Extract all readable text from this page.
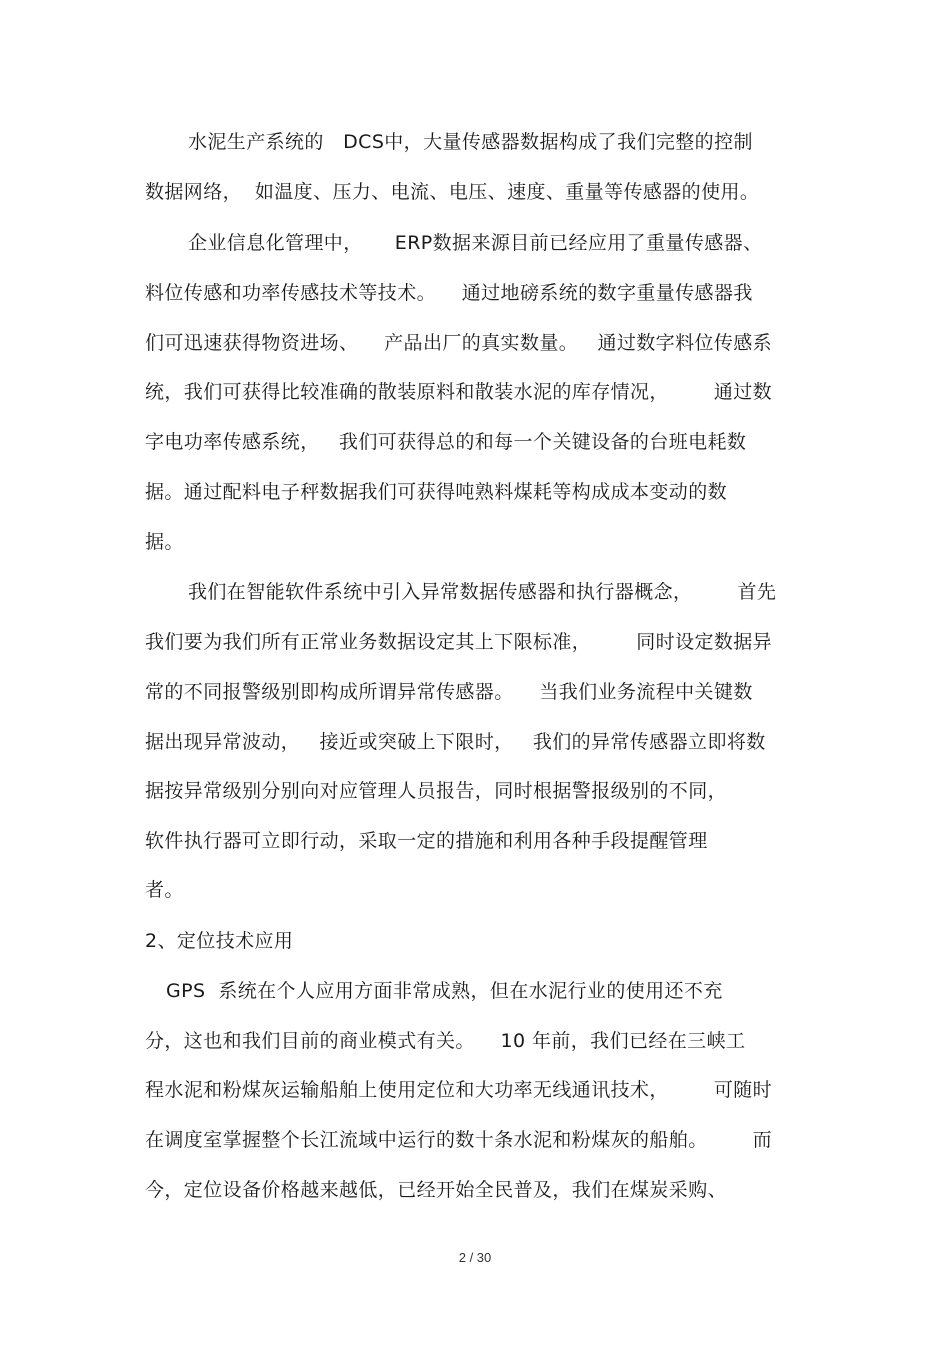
水泥生产系统的   DCS中，大量传感器数据构成了我们完整的控制
数据网络，  如温度、压力、电流、电压、速度、重量等传感器的使用。
企业信息化管理中，     ERP数据来源目前已经应用了重量传感器、
料位传感和功率传感技术等技术。    通过地磅系统的数字重量传感器我
们可迅速获得物资进场、    产品出厂的真实数量。   通过数字料位传感系
统，我们可获得比较准确的散装原料和散装水泥的库存情况，       通过数
字电功率传感系统，   我们可获得总的和每一个关键设备的台班电耗数
据。通过配料电子秤数据我们可获得吨熟料煤耗等构成成本变动的数
据。
我们在智能软件系统中引入异常数据传感器和执行器概念，       首先
我们要为我们所有正常业务数据设定其上下限标准，       同时设定数据异
常的不同报警级别即构成所谓异常传感器。    当我们业务流程中关键数
据出现异常波动，   接近或突破上下限时，   我们的异常传感器立即将数
据按异常级别分别向对应管理人员报告，同时根据警报级别的不同，
软件执行器可立即行动，采取一定的措施和利用各种手段提醒管理
者。
2、定位技术应用
GPS  系统在个人应用方面非常成熟，但在水泥行业的使用还不充
分，这也和我们目前的商业模式有关。    10 年前，我们已经在三峡工
程水泥和粉煤灰运输船舶上使用定位和大功率无线通讯技术，       可随时
在调度室掌握整个长江流域中运行的数十条水泥和粉煤灰的船舶。       而
今，定位设备价格越来越低，已经开始全民普及，我们在煤炭采购、
2 / 30
